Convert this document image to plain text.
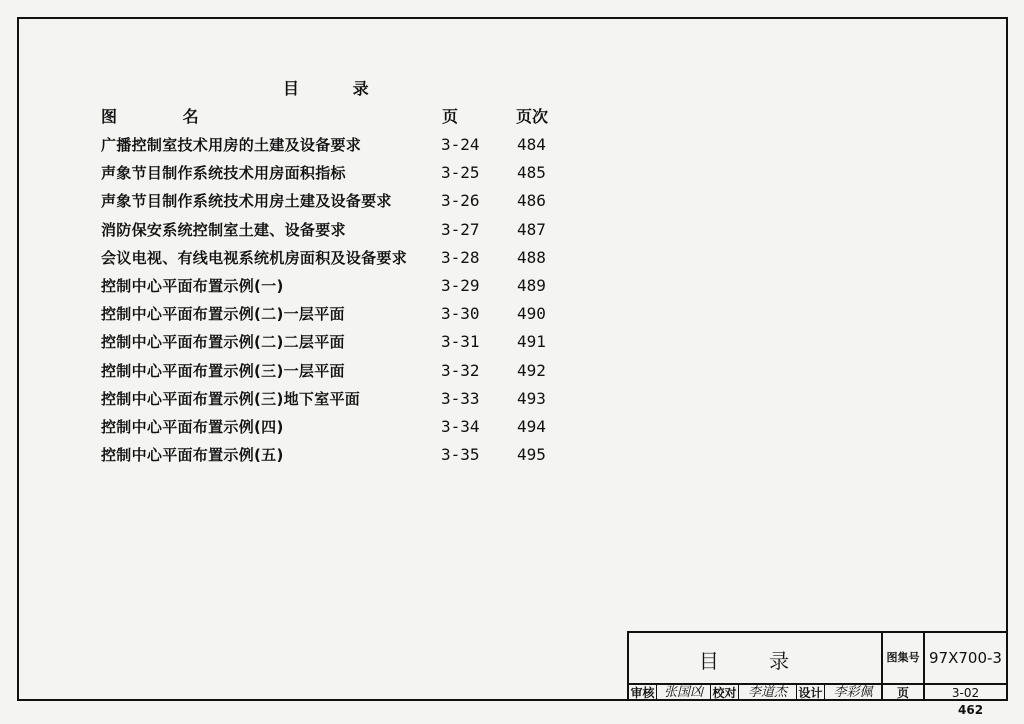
目 录
图 名	页	页次
广播控制室技术用房的土建及设备要求	3-24 484
声象节目制作系统技术用房面积指标	3-25 485
声象节目制作系统技术用房土建及设备要求	3-26 486
消防保安系统控制室土建、设备要求	3-27 487
会议电视、有线电视系统机房面积及设备要求 3-28 488
控制中心平面布置示例(一)	3-29 489
控制中心平面布置示例(二)一层平面	3-30 490
控制中心平面布置示例(二)二层平面	3-31 491
控制中心平面布置示例(三)一层平面	3-32 492
控制中心平面布置示例(三)地下室平面	3-33 493
控制中心平面布置示例(四)	3-34 494
控制中心平面布置示例(五)	3-35 495
目 录	图集号 97X700-3
审核 张国凶 校对 李道杰 设计 李彩佩	页	3-02
462
